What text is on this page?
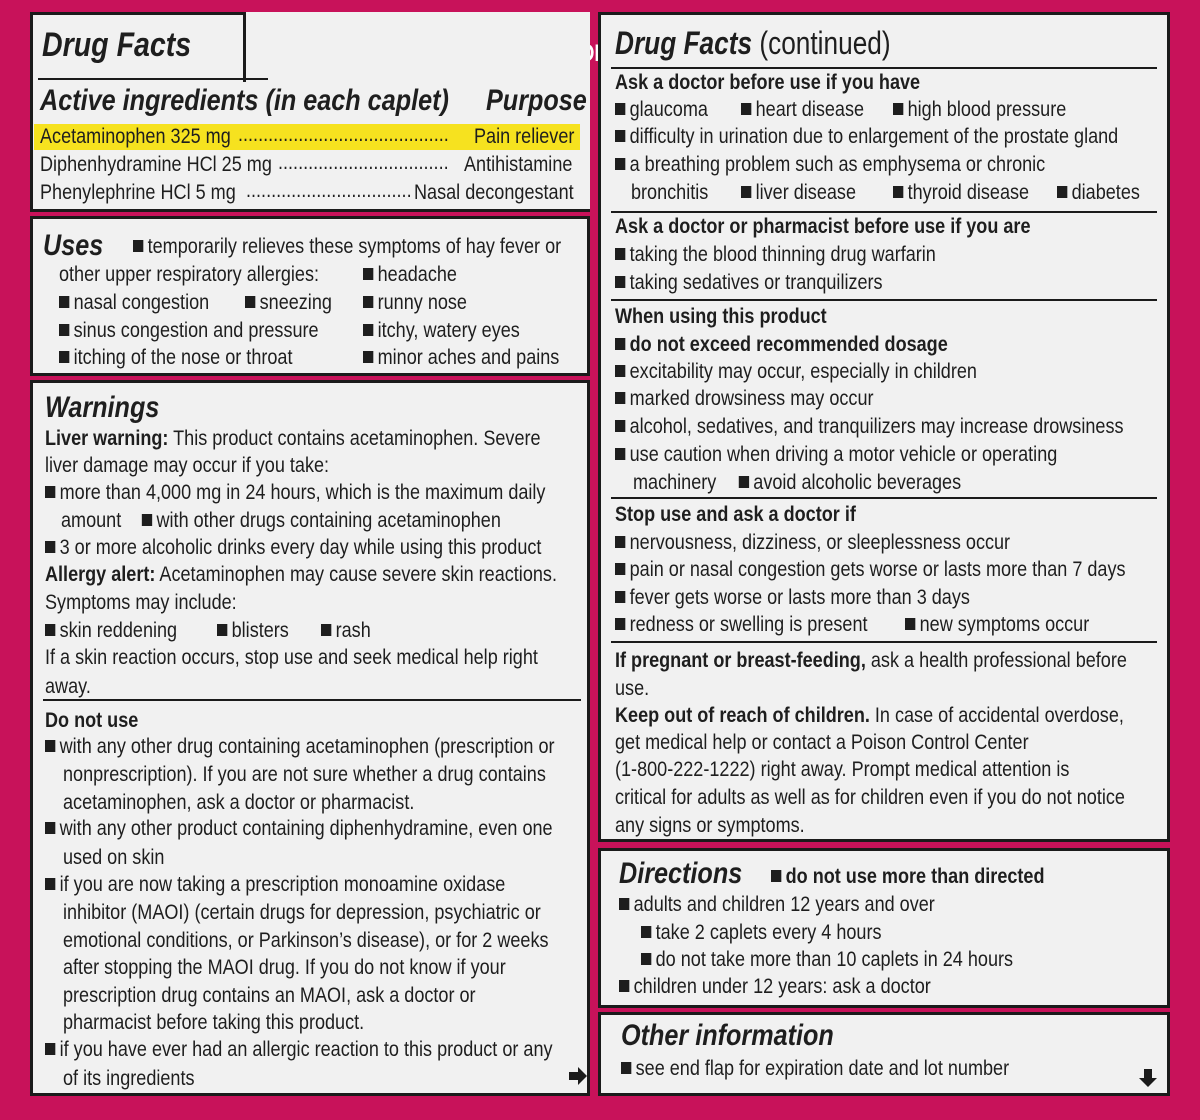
Drug Facts
Active ingredients (in each caplet) Purpose
Acetaminophen 325 mg .......................................... Pain reliever
Diphenhydramine HCl 25 mg .................................. Antihistamine
Phenylephrine HCl 5 mg ................................. Nasal decongestant
Uses	temporarily relieves these symptoms of hay fever or
other upper respiratory allergies:	headache
nasal congestion	sneezing	runny nose
sinus congestion and pressure	itchy, watery eyes
itching of the nose or throat	minor aches and pains
Warnings
Liver warning: This product contains acetaminophen. Severe
liver damage may occur if you take:
more than 4,000 mg in 24 hours, which is the maximum daily
amount with other drugs containing acetaminophen
3 or more alcoholic drinks every day while using this product
Allergy alert: Acetaminophen may cause severe skin reactions.
Symptoms may include:
skin reddening	blisters	rash
If a skin reaction occurs, stop use and seek medical help right
away.
Do not use
with any other drug containing acetaminophen (prescription or
nonprescription). If you are not sure whether a drug contains
acetaminophen, ask a doctor or pharmacist.
with any other product containing diphenhydramine, even one
used on skin
if you are now taking a prescription monoamine oxidase
inhibitor (MAOI) (certain drugs for depression, psychiatric or
emotional conditions, or Parkinson’s disease), or for 2 weeks
after stopping the MAOI drug. If you do not know if your
prescription drug contains an MAOI, ask a doctor or
pharmacist before taking this product.
if you have ever had an allergic reaction to this product or any
of its ingredients
Drug Facts (continued)
Ask a doctor before use if you have
glaucoma	heart disease	high blood pressure
difficulty in urination due to enlargement of the prostate gland
a breathing problem such as emphysema or chronic
bronchitis	liver disease	thyroid disease	diabetes
Ask a doctor or pharmacist before use if you are
taking the blood thinning drug warfarin
taking sedatives or tranquilizers
When using this product
do not exceed recommended dosage
excitability may occur, especially in children
marked drowsiness may occur
alcohol, sedatives, and tranquilizers may increase drowsiness
use caution when driving a motor vehicle or operating
machinery avoid alcoholic beverages
Stop use and ask a doctor if
nervousness, dizziness, or sleeplessness occur
pain or nasal congestion gets worse or lasts more than 7 days
fever gets worse or lasts more than 3 days
redness or swelling is present	new symptoms occur
If pregnant or breast-feeding, ask a health professional before
use.
Keep out of reach of children. In case of accidental overdose,
get medical help or contact a Poison Control Center
(1-800-222-1222) right away. Prompt medical attention is
critical for adults as well as for children even if you do not notice
any signs or symptoms.
Directions	do not use more than directed
adults and children 12 years and over
take 2 caplets every 4 hours
do not take more than 10 caplets in 24 hours
children under 12 years: ask a doctor
Other information
see end flap for expiration date and lot number
